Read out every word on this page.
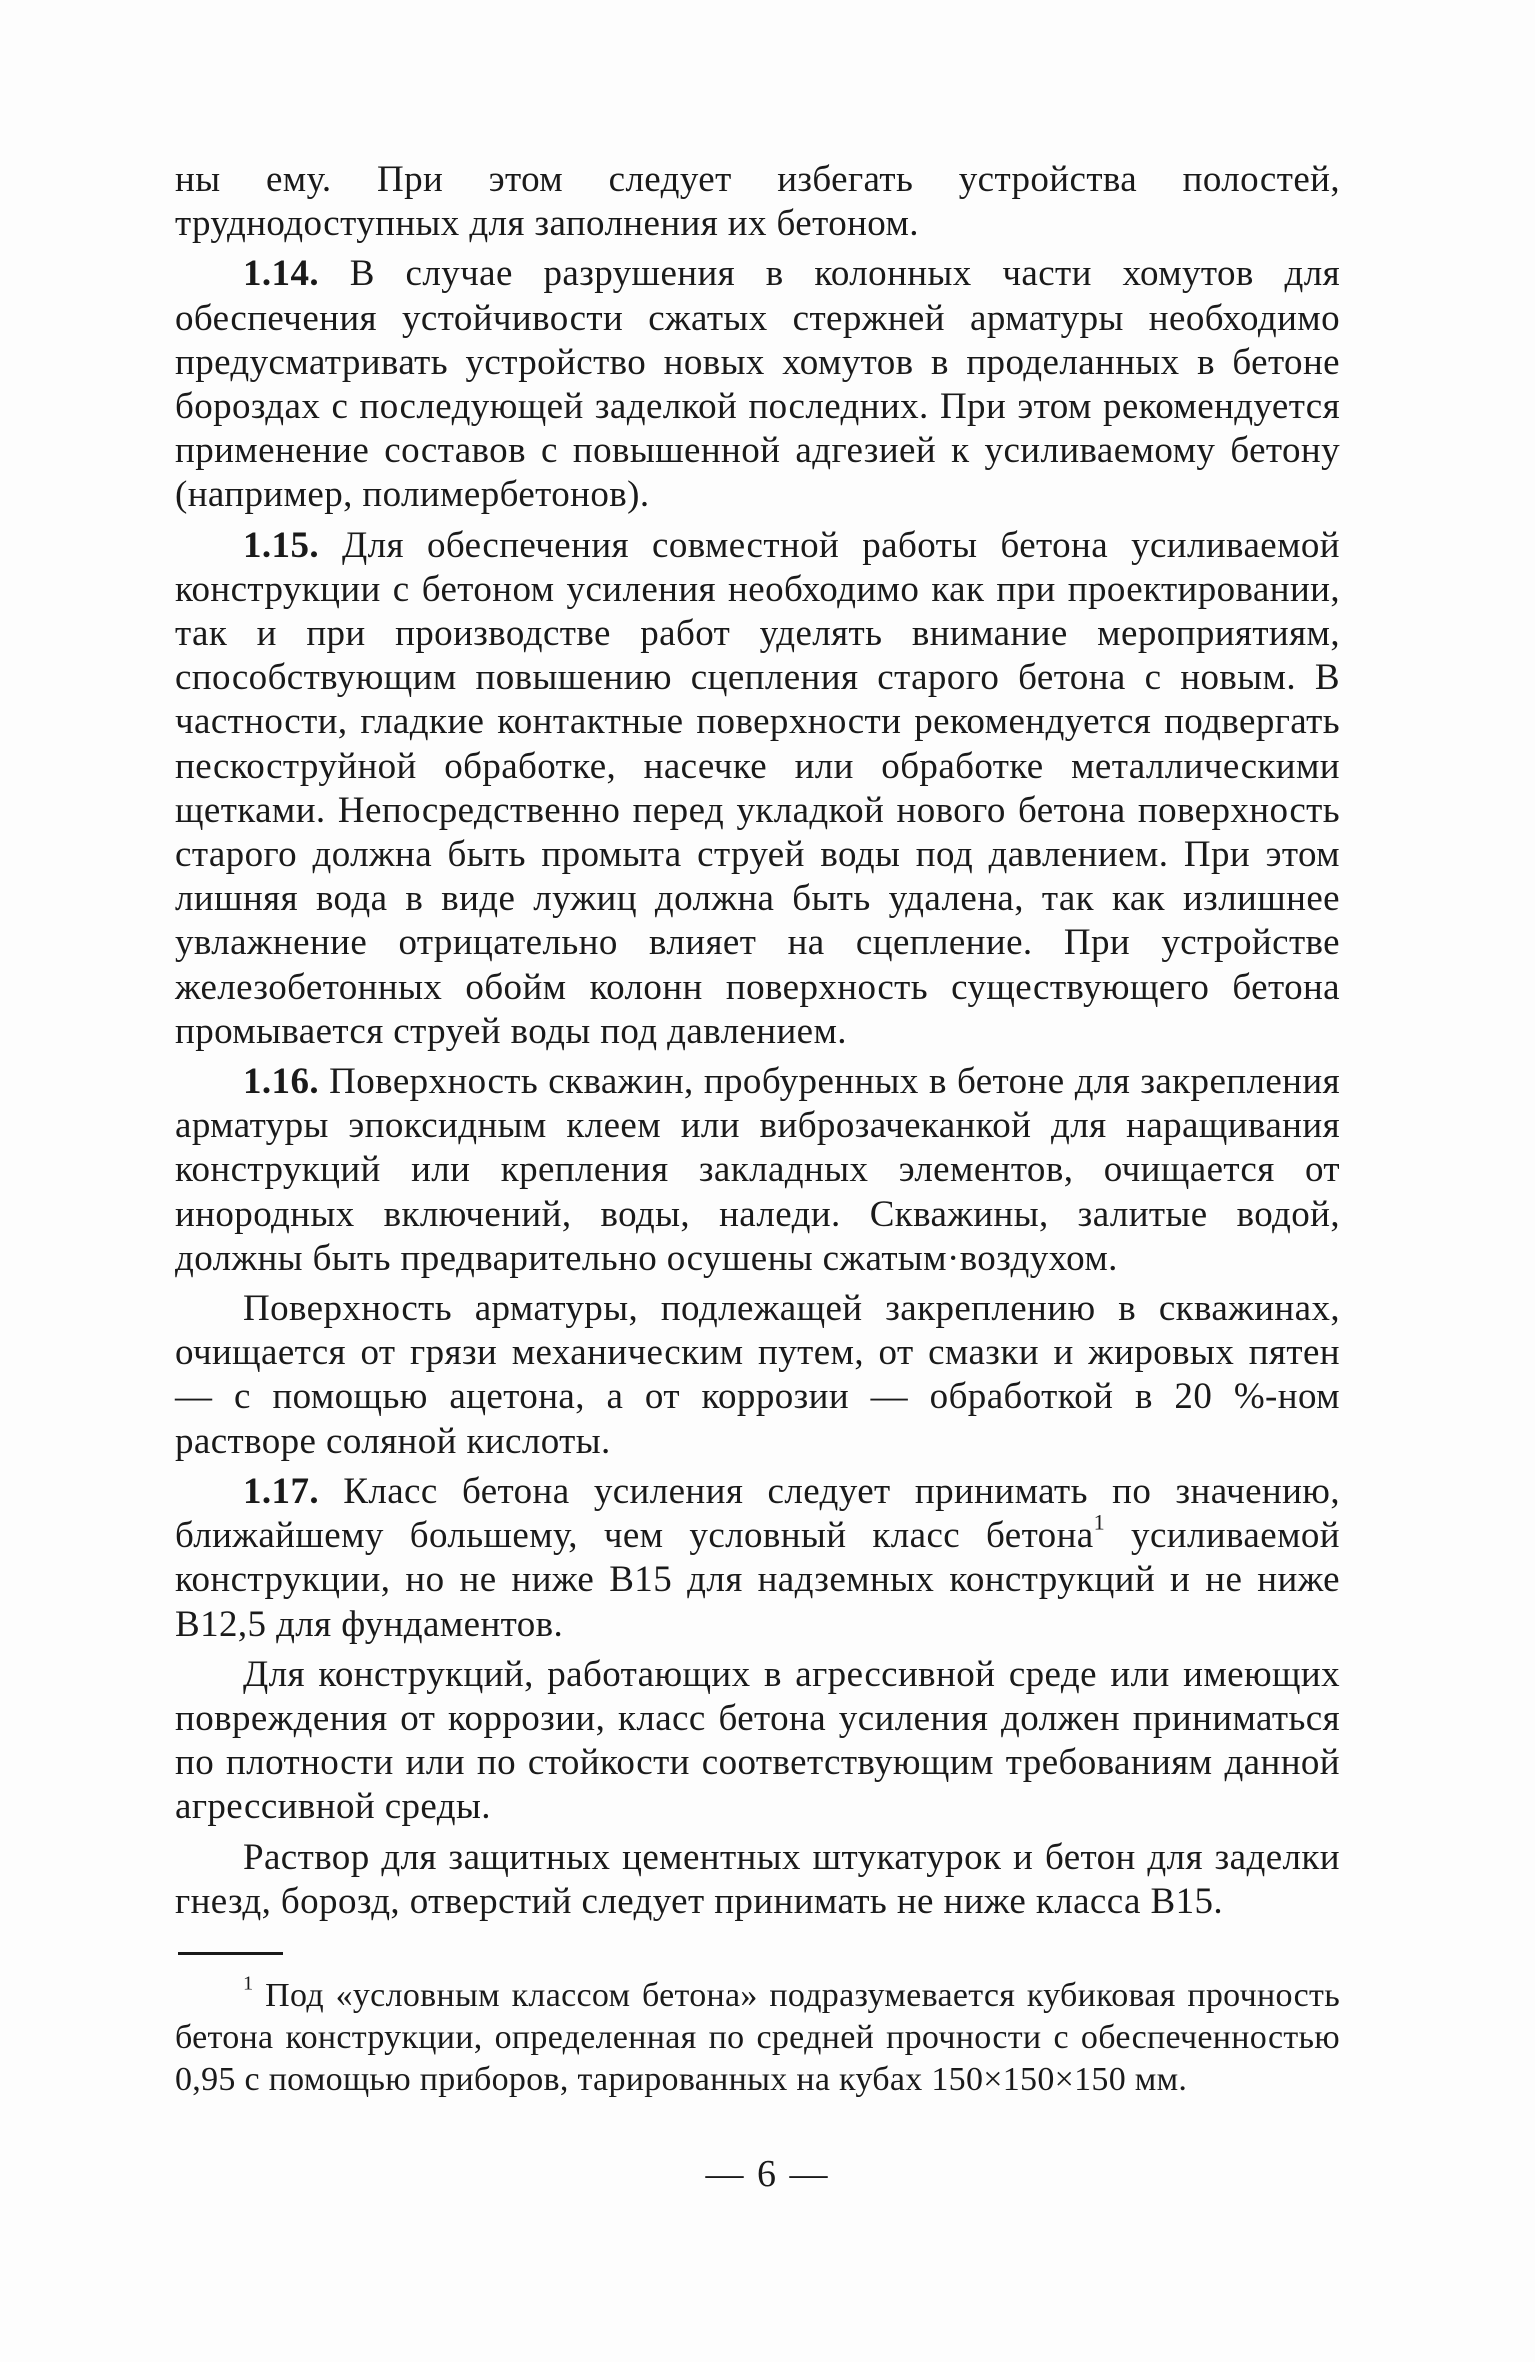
ны ему. При этом следует избегать устройства полостей, труднодоступных для заполнения их бетоном.

1.14. В случае разрушения в колонных части хомутов для обеспечения устойчивости сжатых стержней арматуры необходимо предусматривать устройство новых хомутов в проделанных в бетоне бороздах с последующей заделкой последних. При этом рекомендуется применение составов с повышенной адгезией к усиливаемому бетону (например, полимербетонов).

1.15. Для обеспечения совместной работы бетона усиливаемой конструкции с бетоном усиления необходимо как при проектировании, так и при производстве работ уделять внимание мероприятиям, способствующим повышению сцепления старого бетона с новым. В частности, гладкие контактные поверхности рекомендуется подвергать пескоструйной обработке, насечке или обработке металлическими щетками. Непосредственно перед укладкой нового бетона поверхность старого должна быть промыта струей воды под давлением. При этом лишняя вода в виде лужиц должна быть удалена, так как излишнее увлажнение отрицательно влияет на сцепление. При устройстве железобетонных обойм колонн поверхность существующего бетона промывается струей воды под давлением.

1.16. Поверхность скважин, пробуренных в бетоне для закрепления арматуры эпоксидным клеем или виброзачеканкой для наращивания конструкций или крепления закладных элементов, очищается от инородных включений, воды, наледи. Скважины, залитые водой, должны быть предварительно осушены сжатым·воздухом.

Поверхность арматуры, подлежащей закреплению в скважинах, очищается от грязи механическим путем, от смазки и жировых пятен — с помощью ацетона, а от коррозии — обработкой в 20 %-ном растворе соляной кислоты.

1.17. Класс бетона усиления следует принимать по значению, ближайшему большему, чем условный класс бетона$^1$ усиливаемой конструкции, но не ниже В15 для надземных конструкций и не ниже В12,5 для фундаментов.

Для конструкций, работающих в агрессивной среде или имеющих повреждения от коррозии, класс бетона усиления должен приниматься по плотности или по стойкости соответствующим требованиям данной агрессивной среды.

Раствор для защитных цементных штукатурок и бетон для заделки гнезд, борозд, отверстий следует принимать не ниже класса В15.

$^1$ Под «условным классом бетона» подразумевается кубиковая прочность бетона конструкции, определенная по средней прочности с обеспеченностью 0,95 с помощью приборов, тарированных на кубах 150×150×150 мм.

— 6 —
